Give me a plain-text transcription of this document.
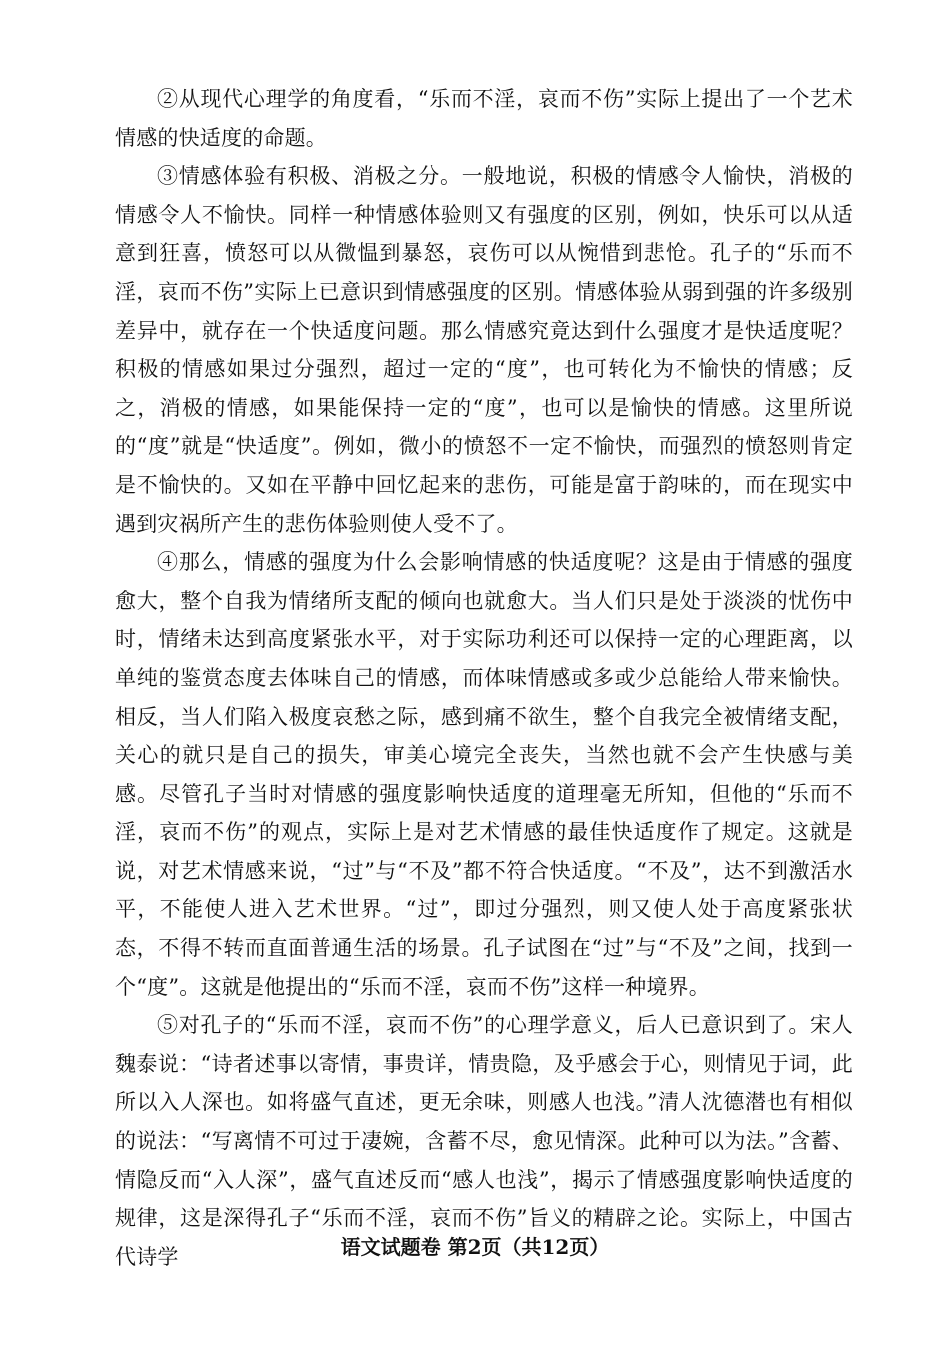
②从现代心理学的角度看，“乐而不淫，哀而不伤”实际上提出了一个艺术情感的快适度的命题。

③情感体验有积极、消极之分。一般地说，积极的情感令人愉快，消极的情感令人不愉快。同样一种情感体验则又有强度的区别，例如，快乐可以从适意到狂喜，愤怒可以从微愠到暴怒，哀伤可以从惋惜到悲怆。孔子的“乐而不淫，哀而不伤”实际上已意识到情感强度的区别。情感体验从弱到强的许多级别差异中，就存在一个快适度问题。那么情感究竟达到什么强度才是快适度呢？积极的情感如果过分强烈，超过一定的“度”，也可转化为不愉快的情感；反之，消极的情感，如果能保持一定的“度”，也可以是愉快的情感。这里所说的“度”就是“快适度”。例如，微小的愤怒不一定不愉快，而强烈的愤怒则肯定是不愉快的。又如在平静中回忆起来的悲伤，可能是富于韵味的，而在现实中遇到灾祸所产生的悲伤体验则使人受不了。

④那么，情感的强度为什么会影响情感的快适度呢？这是由于情感的强度愈大，整个自我为情绪所支配的倾向也就愈大。当人们只是处于淡淡的忧伤中时，情绪未达到高度紧张水平，对于实际功利还可以保持一定的心理距离，以单纯的鉴赏态度去体味自己的情感，而体味情感或多或少总能给人带来愉快。相反，当人们陷入极度哀愁之际，感到痛不欲生，整个自我完全被情绪支配，关心的就只是自己的损失，审美心境完全丧失，当然也就不会产生快感与美感。尽管孔子当时对情感的强度影响快适度的道理毫无所知，但他的“乐而不淫，哀而不伤”的观点，实际上是对艺术情感的最佳快适度作了规定。这就是说，对艺术情感来说，“过”与“不及”都不符合快适度。“不及”，达不到激活水平，不能使人进入艺术世界。“过”，即过分强烈，则又使人处于高度紧张状态，不得不转而直面普通生活的场景。孔子试图在“过”与“不及”之间，找到一个“度”。这就是他提出的“乐而不淫，哀而不伤”这样一种境界。

⑤对孔子的“乐而不淫，哀而不伤”的心理学意义，后人已意识到了。宋人魏泰说：“诗者述事以寄情，事贵详，情贵隐，及乎感会于心，则情见于词，此所以入人深也。如将盛气直述，更无余味，则感人也浅。”清人沈德潜也有相似的说法：“写离情不可过于凄婉，含蓄不尽，愈见情深。此种可以为法。”含蓄、情隐反而“入人深”，盛气直述反而“感人也浅”，揭示了情感强度影响快适度的规律，这是深得孔子“乐而不淫，哀而不伤”旨义的精辟之论。实际上，中国古代诗学	语文试题卷 第2页（共12页）
